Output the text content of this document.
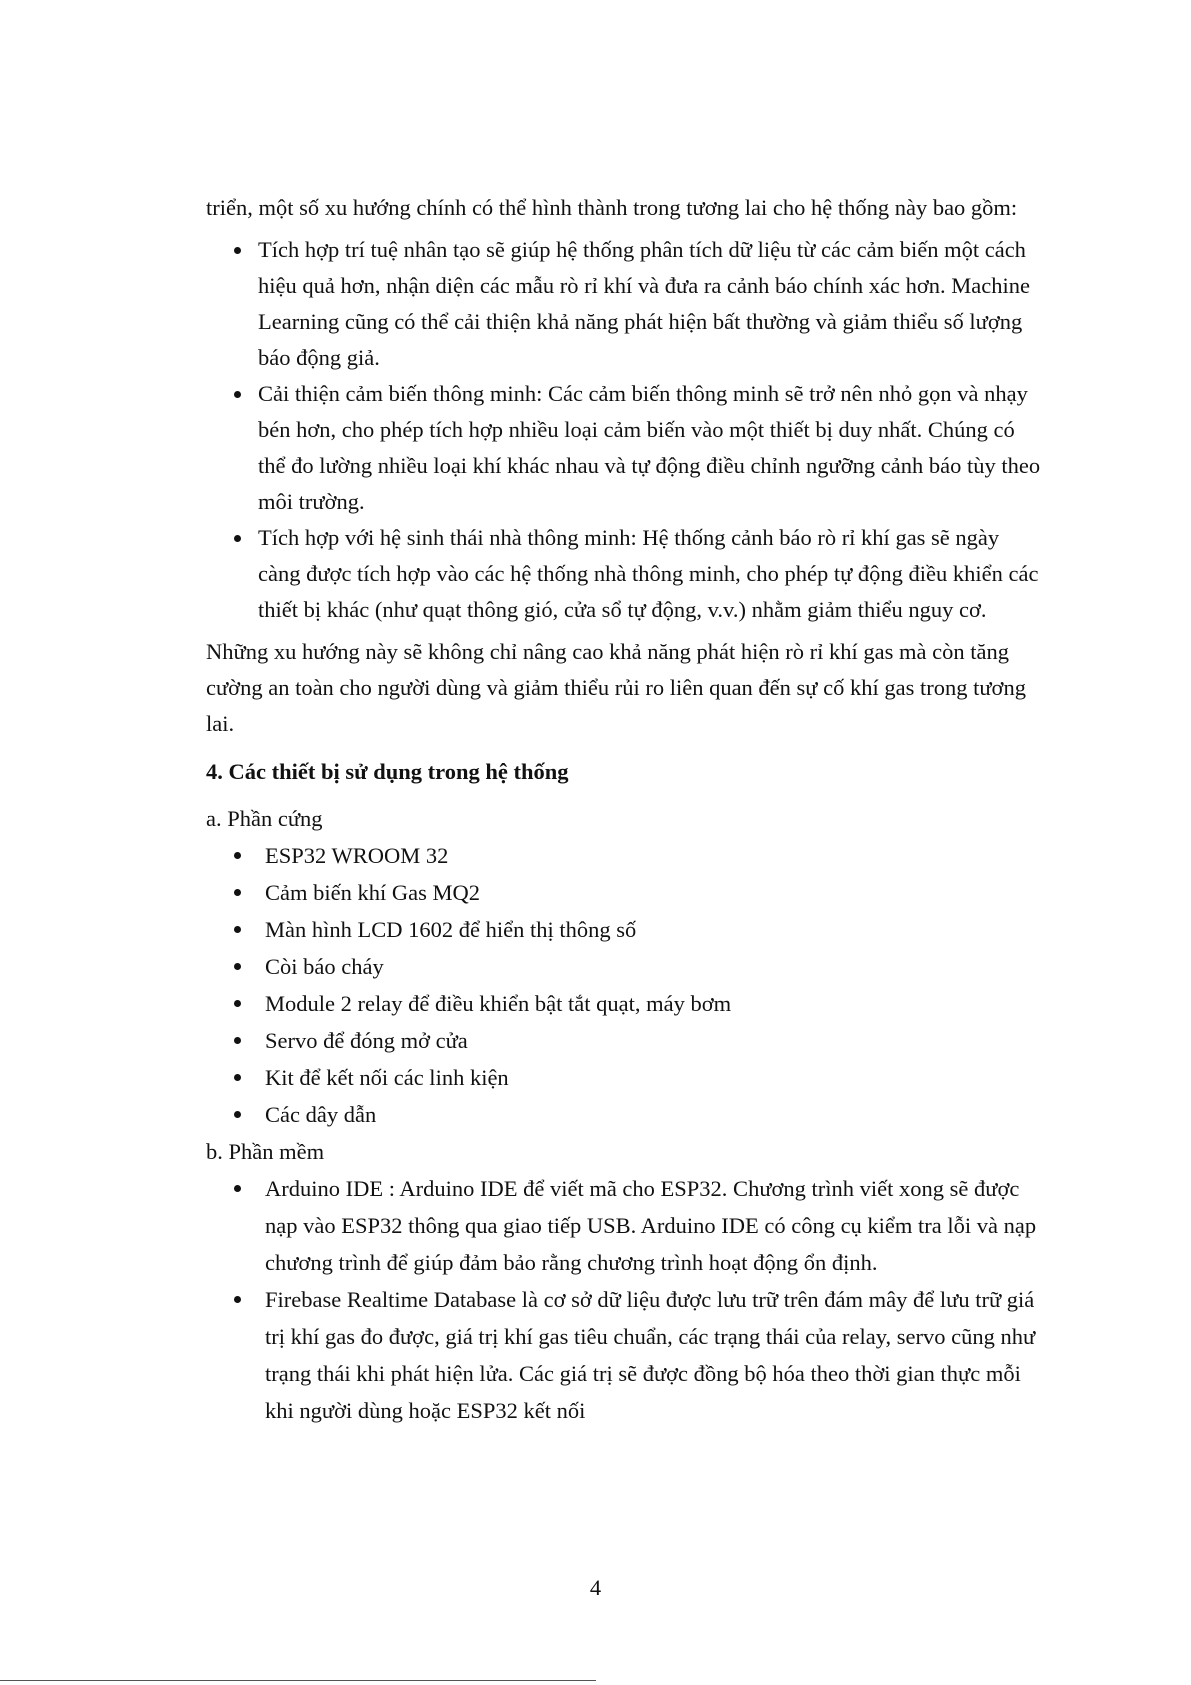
triển, một số xu hướng chính có thể hình thành trong tương lai cho hệ thống này bao gồm:

Tích hợp trí tuệ nhân tạo sẽ giúp hệ thống phân tích dữ liệu từ các cảm biến một cách hiệu quả hơn, nhận diện các mẫu rò rỉ khí và đưa ra cảnh báo chính xác hơn. Machine Learning cũng có thể cải thiện khả năng phát hiện bất thường và giảm thiểu số lượng báo động giả.
Cải thiện cảm biến thông minh: Các cảm biến thông minh sẽ trở nên nhỏ gọn và nhạy bén hơn, cho phép tích hợp nhiều loại cảm biến vào một thiết bị duy nhất. Chúng có thể đo lường nhiều loại khí khác nhau và tự động điều chỉnh ngưỡng cảnh báo tùy theo môi trường.
Tích hợp với hệ sinh thái nhà thông minh: Hệ thống cảnh báo rò rỉ khí gas sẽ ngày càng được tích hợp vào các hệ thống nhà thông minh, cho phép tự động điều khiển các thiết bị khác (như quạt thông gió, cửa sổ tự động, v.v.) nhằm giảm thiểu nguy cơ.

Những xu hướng này sẽ không chỉ nâng cao khả năng phát hiện rò rỉ khí gas mà còn tăng cường an toàn cho người dùng và giảm thiểu rủi ro liên quan đến sự cố khí gas trong tương lai.

4. Các thiết bị sử dụng trong hệ thống

a. Phần cứng

ESP32 WROOM 32
Cảm biến khí Gas MQ2
Màn hình LCD 1602 để hiển thị thông số
Còi báo cháy
Module 2 relay để điều khiển bật tắt quạt, máy bơm
Servo để đóng mở cửa
Kit để kết nối các linh kiện
Các dây dẫn

b. Phần mềm

Arduino IDE : Arduino IDE để viết mã cho ESP32. Chương trình viết xong sẽ được nạp vào ESP32 thông qua giao tiếp USB. Arduino IDE có công cụ kiểm tra lỗi và nạp chương trình để giúp đảm bảo rằng chương trình hoạt động ổn định.
Firebase Realtime Database là cơ sở dữ liệu được lưu trữ trên đám mây để lưu trữ giá trị khí gas đo được, giá trị khí gas tiêu chuẩn, các trạng thái của relay, servo cũng như trạng thái khi phát hiện lửa. Các giá trị sẽ được đồng bộ hóa theo thời gian thực mỗi khi người dùng hoặc ESP32 kết nối
4
